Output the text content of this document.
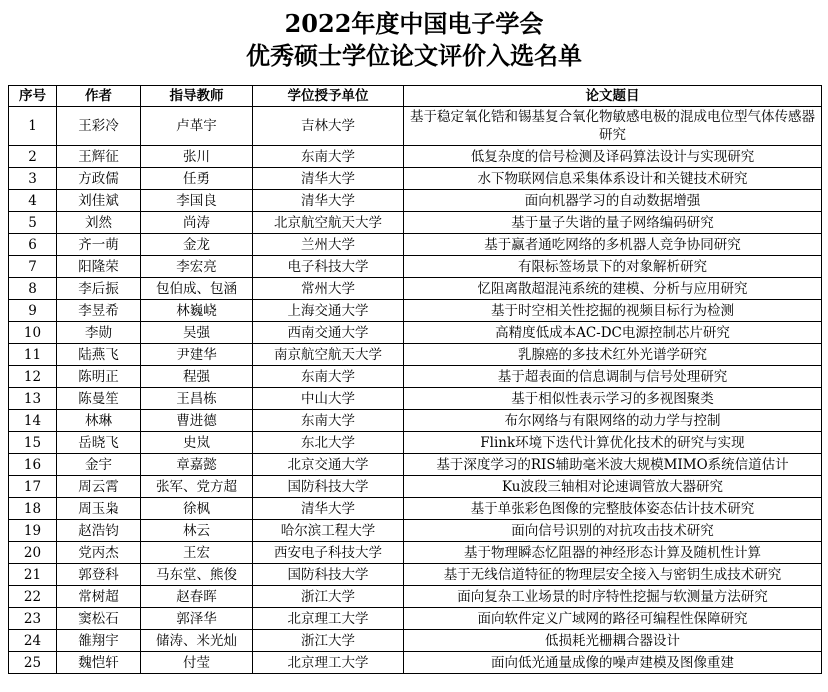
2022年度中国电子学会
优秀硕士学位论文评价入选名单
序号	作者	指导教师	学位授予单位	论文题目
1	王彩冷	卢革宇	吉林大学	基于稳定氧化锆和锡基复合氧化物敏感电极的混成电位型气体传感器研究
2	王辉征	张川	东南大学	低复杂度的信号检测及译码算法设计与实现研究
3	方政儒	任勇	清华大学	水下物联网信息采集体系设计和关键技术研究
4	刘佳斌	李国良	清华大学	面向机器学习的自动数据增强
5	刘然	尚涛	北京航空航天大学	基于量子失谐的量子网络编码研究
6	齐一萌	金龙	兰州大学	基于赢者通吃网络的多机器人竞争协同研究
7	阳隆荣	李宏亮	电子科技大学	有限标签场景下的对象解析研究
8	李后振	包伯成、包涵	常州大学	忆阻离散超混沌系统的建模、分析与应用研究
9	李昱希	林巍峣	上海交通大学	基于时空相关性挖掘的视频目标行为检测
10	李勋	吴强	西南交通大学	高精度低成本AC-DC电源控制芯片研究
11	陆燕飞	尹建华	南京航空航天大学	乳腺癌的多技术红外光谱学研究
12	陈明正	程强	东南大学	基于超表面的信息调制与信号处理研究
13	陈曼笙	王昌栋	中山大学	基于相似性表示学习的多视图聚类
14	林琳	曹进德	东南大学	布尔网络与有限网络的动力学与控制
15	岳晓飞	史岚	东北大学	Flink环境下迭代计算优化技术的研究与实现
16	金宇	章嘉懿	北京交通大学	基于深度学习的RIS辅助毫米波大规模MIMO系统信道估计
17	周云霄	张军、党方超	国防科技大学	Ku波段三轴相对论速调管放大器研究
18	周玉枭	徐枫	清华大学	基于单张彩色图像的完整肢体姿态估计技术研究
19	赵浩钧	林云	哈尔滨工程大学	面向信号识别的对抗攻击技术研究
20	党丙杰	王宏	西安电子科技大学	基于物理瞬态忆阻器的神经形态计算及随机性计算
21	郭登科	马东堂、熊俊	国防科技大学	基于无线信道特征的物理层安全接入与密钥生成技术研究
22	常树超	赵春晖	浙江大学	面向复杂工业场景的时序特性挖掘与软测量方法研究
23	窦松石	郭泽华	北京理工大学	面向软件定义广域网的路径可编程性保障研究
24	雒翔宇	储涛、米光灿	浙江大学	低损耗光栅耦合器设计
25	魏恺轩	付莹	北京理工大学	面向低光通量成像的噪声建模及图像重建
